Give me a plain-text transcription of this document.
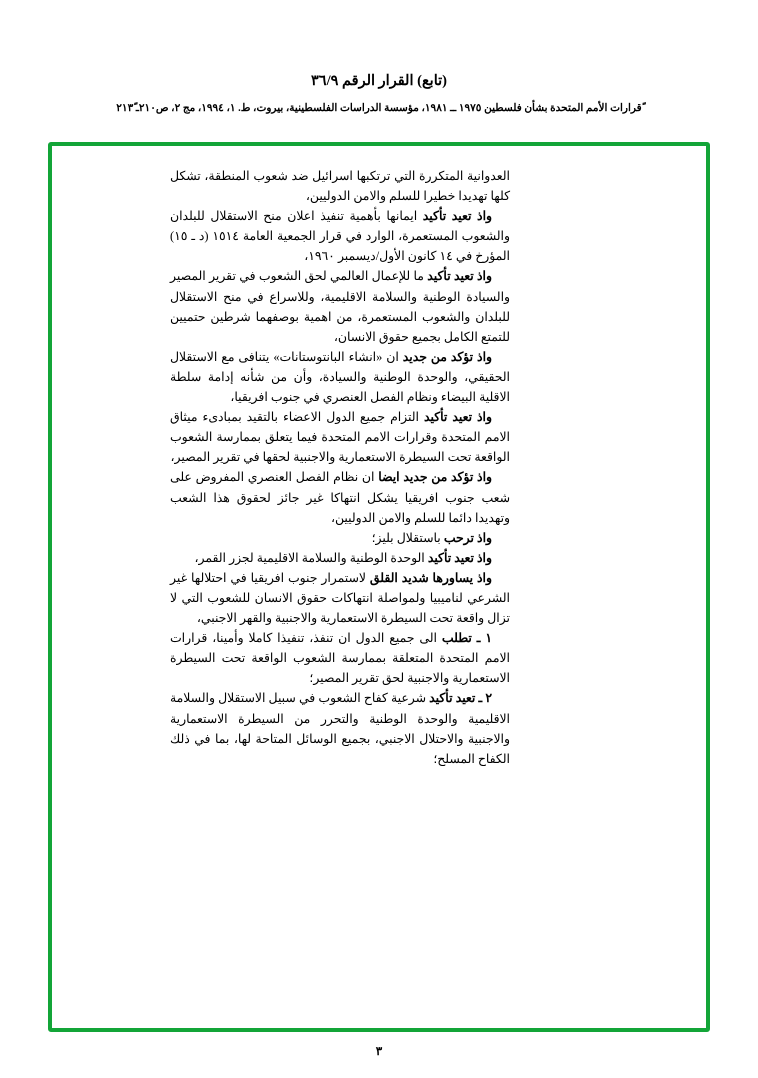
(تابع) القرار الرقم ٣٦/٩
ًقرارات الأمم المتحدة بشأن فلسطين ١٩٧٥ ــ ١٩٨١، مؤسسة الدراسات الفلسطينية، بيروت، ط. ١، ١٩٩٤، مج ٢، ص٢١٠ـ ٢١٣ً

العدوانية المتكررة التي ترتكبها اسرائيل ضد شعوب المنطقة، تشكل كلها تهديدا خطيرا للسلم والامن الدوليين،

واذ تعيد تأكيد ايمانها بأهمية تنفيذ اعلان منح الاستقلال للبلدان والشعوب المستعمرة، الوارد في قرار الجمعية العامة ١٥١٤ (د ـ ١٥) المؤرخ في ١٤ كانون الأول/ديسمبر ١٩٦٠،

واذ تعيد تأكيد ما للإعمال العالمي لحق الشعوب في تقرير المصير والسيادة الوطنية والسلامة الاقليمية، وللاسراع في منح الاستقلال للبلدان والشعوب المستعمرة، من اهمية بوصفهما شرطين حتميين للتمتع الكامل بجميع حقوق الانسان،

واذ تؤكد من جديد ان «انشاء البانتوستانات» يتنافى مع الاستقلال الحقيقي، والوحدة الوطنية والسيادة، وأن من شأنه إدامة سلطة الاقلية البيضاء ونظام الفصل العنصري في جنوب افريقيا،

واذ تعيد تأكيد التزام جميع الدول الاعضاء بالتقيد بمبادىء ميثاق الامم المتحدة وقرارات الامم المتحدة فيما يتعلق بممارسة الشعوب الواقعة تحت السيطرة الاستعمارية والاجنبية لحقها في تقرير المصير،

واذ تؤكد من جديد ايضا ان نظام الفصل العنصري المفروض على شعب جنوب افريقيا يشكل انتهاكا غير جائز لحقوق هذا الشعب وتهديدا دائما للسلم والامن الدوليين،

واذ ترحب باستقلال بليز؛

واذ تعيد تأكيد الوحدة الوطنية والسلامة الاقليمية لجزر القمر،

واذ يساورها شديد القلق لاستمرار جنوب افريقيا في احتلالها غير الشرعي لناميبيا ولمواصلة انتهاكات حقوق الانسان للشعوب التي لا تزال واقعة تحت السيطرة الاستعمارية والاجنبية والقهر الاجنبي،

١ ـ تطلب الى جميع الدول ان تنفذ، تنفيذا كاملا وأمينا، قرارات الامم المتحدة المتعلقة بممارسة الشعوب الواقعة تحت السيطرة الاستعمارية والاجنبية لحق تقرير المصير؛

٢ ـ تعيد تأكيد شرعية كفاح الشعوب في سبيل الاستقلال والسلامة الاقليمية والوحدة الوطنية والتحرر من السيطرة الاستعمارية والاجنبية والاحتلال الاجنبي، بجميع الوسائل المتاحة لها، بما في ذلك الكفاح المسلح؛

٣
